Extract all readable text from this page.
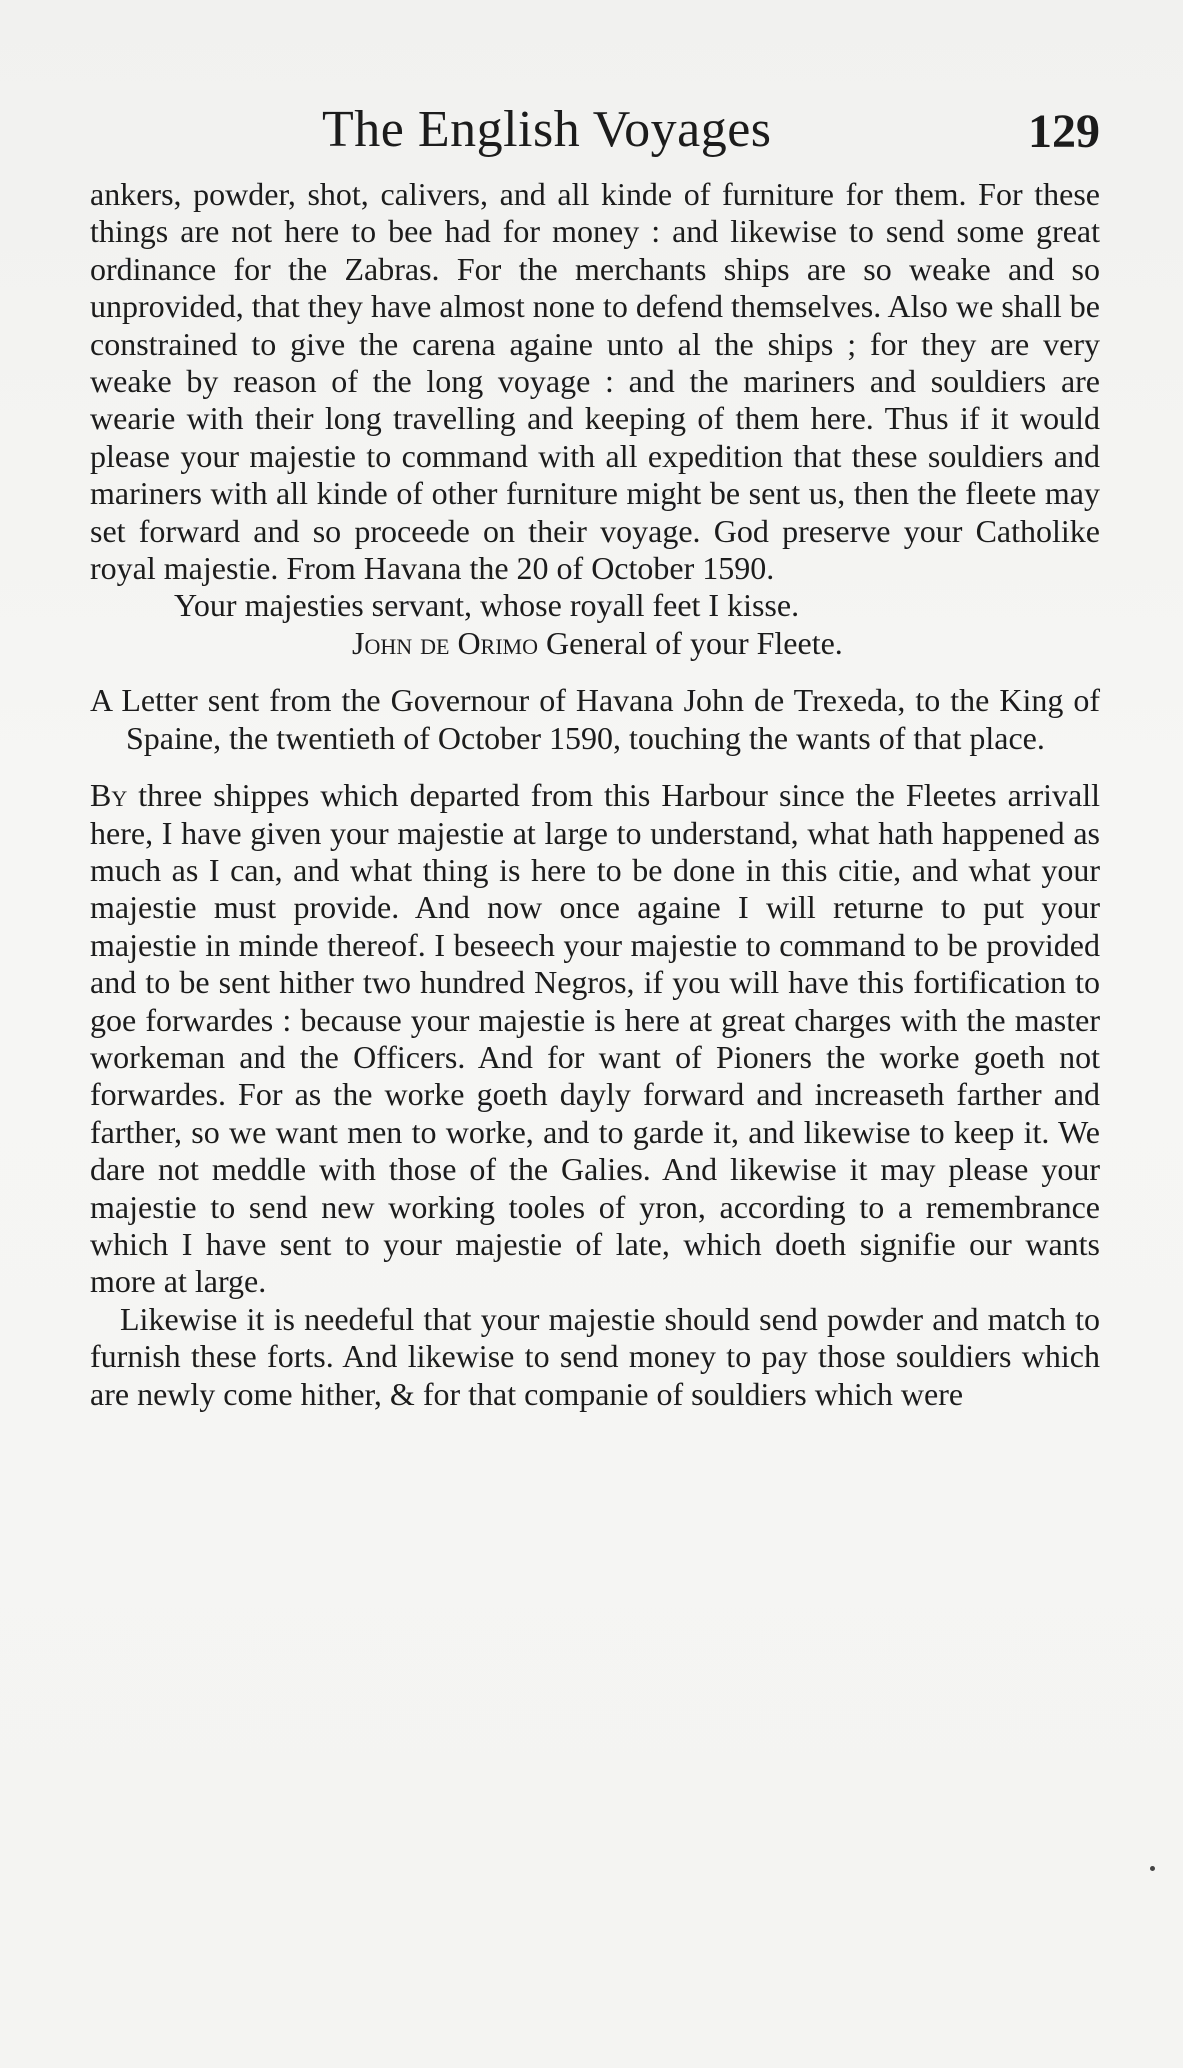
The English Voyages	129

ankers, powder, shot, calivers, and all kinde of furniture for them. For these things are not here to bee had for money : and likewise to send some great ordinance for the Zabras. For the merchants ships are so weake and so unprovided, that they have almost none to defend themselves. Also we shall be constrained to give the carena againe unto al the ships ; for they are very weake by reason of the long voyage : and the mariners and souldiers are wearie with their long travelling and keeping of them here. Thus if it would please your majestie to command with all expedition that these souldiers and mariners with all kinde of other furniture might be sent us, then the fleete may set forward and so proceede on their voyage. God preserve your Catholike royal majestie. From Havana the 20 of October 1590.

Your majesties servant, whose royall feet I kisse.

John de Orimo General of your Fleete.

A Letter sent from the Governour of Havana John de Trexeda, to the King of Spaine, the twentieth of October 1590, touching the wants of that place.

By three shippes which departed from this Harbour since the Fleetes arrivall here, I have given your majestie at large to understand, what hath happened as much as I can, and what thing is here to be done in this citie, and what your majestie must provide. And now once againe I will returne to put your majestie in minde thereof. I beseech your majestie to command to be provided and to be sent hither two hundred Negros, if you will have this fortification to goe forwardes : because your majestie is here at great charges with the master workeman and the Officers. And for want of Pioners the worke goeth not forwardes. For as the worke goeth dayly forward and increaseth farther and farther, so we want men to worke, and to garde it, and likewise to keep it. We dare not meddle with those of the Galies. And likewise it may please your majestie to send new working tooles of yron, according to a remembrance which I have sent to your majestie of late, which doeth signifie our wants more at large.

Likewise it is needeful that your majestie should send powder and match to furnish these forts. And likewise to send money to pay those souldiers which are newly come hither, & for that companie of souldiers which were
